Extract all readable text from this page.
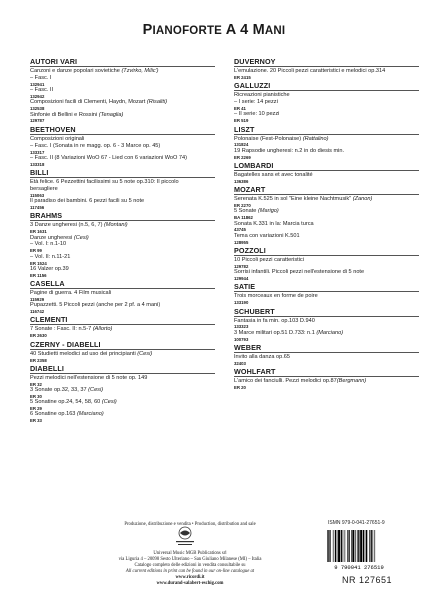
PIANOFORTE A 4 MANI
AUTORI VARI
Canzoni e danze popolari sovietiche (Tzvirko, Milic')
– Fasc. I
132941
– Fasc. II
132942
Composizioni facili di Clementi, Haydn, Mozart (Risaliti)
132538
Sinfonie di Bellini e Rossini (Tenaglia)
129787
BEETHOVEN
Composizioni originali
– Fasc. I (Sonata in re magg. op. 6 - 3 Marce op. 45)
133317
– Fasc. II (8 Variazioni WoO 67 - Lied con 6 variazioni WoO 74)
133318
BILLI
Età felice. 6 Pezzettini facilissimi su 5 note op.310: Il piccolo
bersagliere
115063
Il paradiso dei bambini. 6 pezzi facili su 5 note
117456
BRAHMS
3 Danze ungheresi (n.5, 6, 7) (Montani)
ER 1631
Danze ungheresi (Cesi)
– Vol. I: n.1-10
ER 99
– Vol. II: n.11-21
ER 1524
16 Valzer op.39
ER 1156
CASELLA
Pagine di guerra. 4 Film musicali
115929
Pupazzetti. 5 Piccoli pezzi (anche per 2 pf. a 4 mani)
116742
CLEMENTI
7 Sonate : Fasc. II: n.5-7 (Allorto)
ER 2630
CZERNY - DIABELLI
40 Studietti melodici ad uso dei principianti (Cesi)
ER 2358
DIABELLI
Pezzi melodici nell'estensione di 5 note op. 149
ER 32
3 Sonate op.32, 33, 37 (Cesi)
ER 30
5 Sonatine op.24, 54, 58, 60 (Cesi)
ER 29
6 Sonatine op.163 (Marciano)
ER 33
DUVERNOY
L'emulazione. 20 Piccoli pezzi caratteristici e melodici op.314
ER 2415
GALLUZZI
Ricreazioni pianistiche
– I serie: 14 pezzi
ER 41
– II serie: 10 pezzi
ER 519
LISZT
Polonaise (Fest-Polonaise) (Rattalino)
131824
19 Rapsodie ungheresi: n.2 in do diesis min.
ER 2269
LOMBARDI
Bagatelles sans et avec tonalité
136386
MOZART
Serenata K.525 in sol "Eine kleine Nachtmusik" (Zanon)
ER 2270
5 Sonate (Marigo)
BA 11862
Sonata K.331 in la: Marcia turca
43745
Tema con variazioni K.501
128955
POZZOLI
10 Piccoli pezzi caratteristici
129782
Sorrisi infantili. Piccoli pezzi nell'estensione di 5 note
129944
SATIE
Trois morceaux en forme de poire
133190
SCHUBERT
Fantasia in fa min. op.103 D.940
133323
3 Marce militari op.51 D.733: n.1 (Marciano)
100793
WEBER
Invito alla danza op.65
32403
WOHLFART
L'amico dei fanciulli. Pezzi melodici op.87(Bergmann)
ER 20
Produzione, distribuzione e vendita • Production, distribution and sale
Universal Music MGB Publications srl
via Liguria 4 – 20098 Sesto Ulteriano – San Giuliano Milanese (MI) – Italia
Catalogo completo delle edizioni in vendita consultabile su
All current editions in print can be found in our on-line catalogue at
www.ricordi.it
www.durand-salabert-eschig.com
ISMN 979-0-041-27651-9
9 790041 276519
NR 127651
